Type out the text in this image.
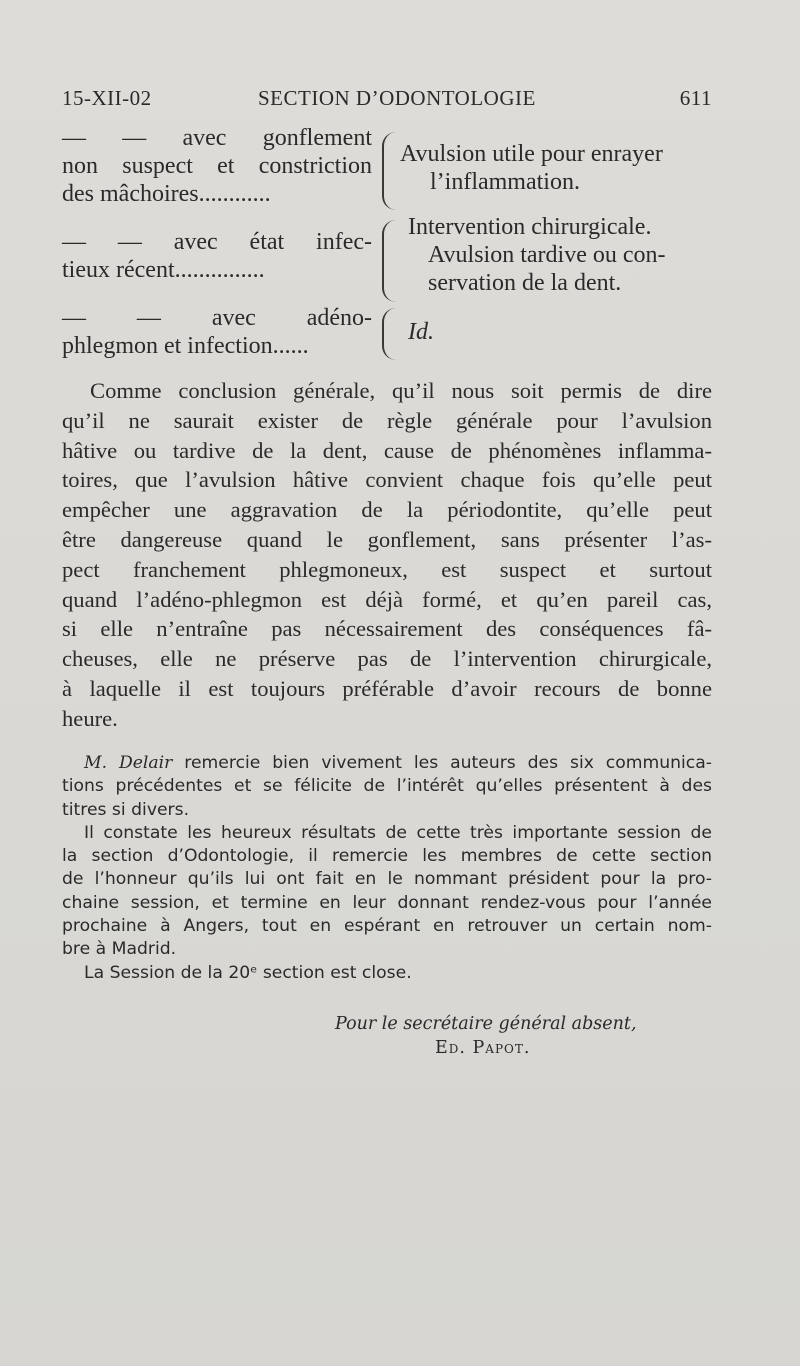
15-XII-02	SECTION D’ODONTOLOGIE	611
— — avec gonflement
non suspect et constriction
des mâchoires............
Avulsion utile pour enrayer
l’inflammation.
— — avec état infec-
tieux récent...............
Intervention chirurgicale.
Avulsion tardive ou con-
servation de la dent.
— — avec adéno-
phlegmon et infection......
Id.
Comme conclusion générale, qu’il nous soit permis de dire
qu’il ne saurait exister de règle générale pour l’avulsion
hâtive ou tardive de la dent, cause de phénomènes inflamma-
toires, que l’avulsion hâtive convient chaque fois qu’elle peut
empêcher une aggravation de la périodontite, qu’elle peut
être dangereuse quand le gonflement, sans présenter l’as-
pect franchement phlegmoneux, est suspect et surtout
quand l’adéno-phlegmon est déjà formé, et qu’en pareil cas,
si elle n’entraîne pas nécessairement des conséquences fâ-
cheuses, elle ne préserve pas de l’intervention chirurgicale,
à laquelle il est toujours préférable d’avoir recours de bonne
heure.
M. Delair remercie bien vivement les auteurs des six communica-
tions précédentes et se félicite de l’intérêt qu’elles présentent à des
titres si divers.
Il constate les heureux résultats de cette très importante session de
la section d’Odontologie, il remercie les membres de cette section
de l’honneur qu’ils lui ont fait en le nommant président pour la pro-
chaine session, et termine en leur donnant rendez-vous pour l’année
prochaine à Angers, tout en espérant en retrouver un certain nom-
bre à Madrid.
La Session de la 20ᵉ section est close.
Pour le secrétaire général absent,
Ed. Papot.
